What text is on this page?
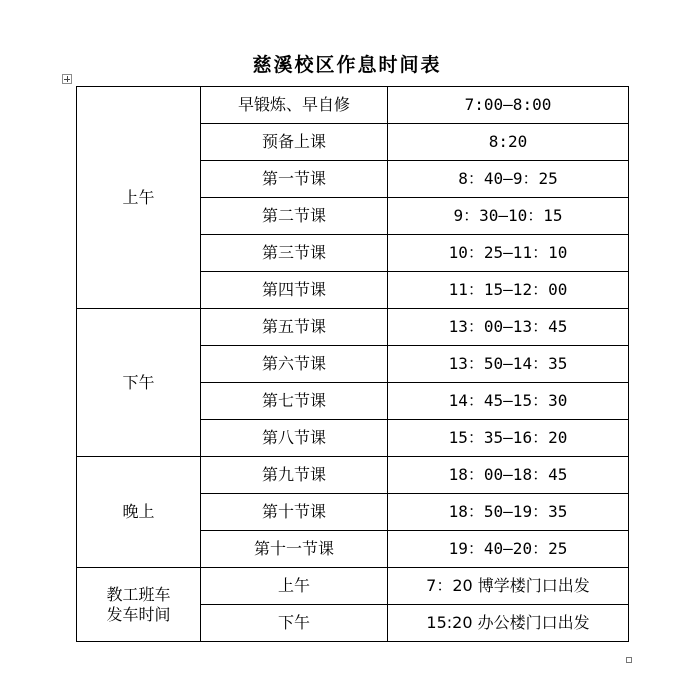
慈溪校区作息时间表
上午	早锻炼、早自修	7:00—8:00
	预备上课	8:20
	第一节课	8：40—9：25
	第二节课	9：30—10：15
	第三节课	10：25—11：10
	第四节课	11：15—12：00
下午	第五节课	13：00—13：45
	第六节课	13：50—14：35
	第七节课	14：45—15：30
	第八节课	15：35—16：20
晚上	第九节课	18：00—18：45
	第十节课	18：50—19：35
	第十一节课	19：40—20：25
教工班车
发车时间	上午	7：20 博学楼门口出发
	下午	15:20 办公楼门口出发
